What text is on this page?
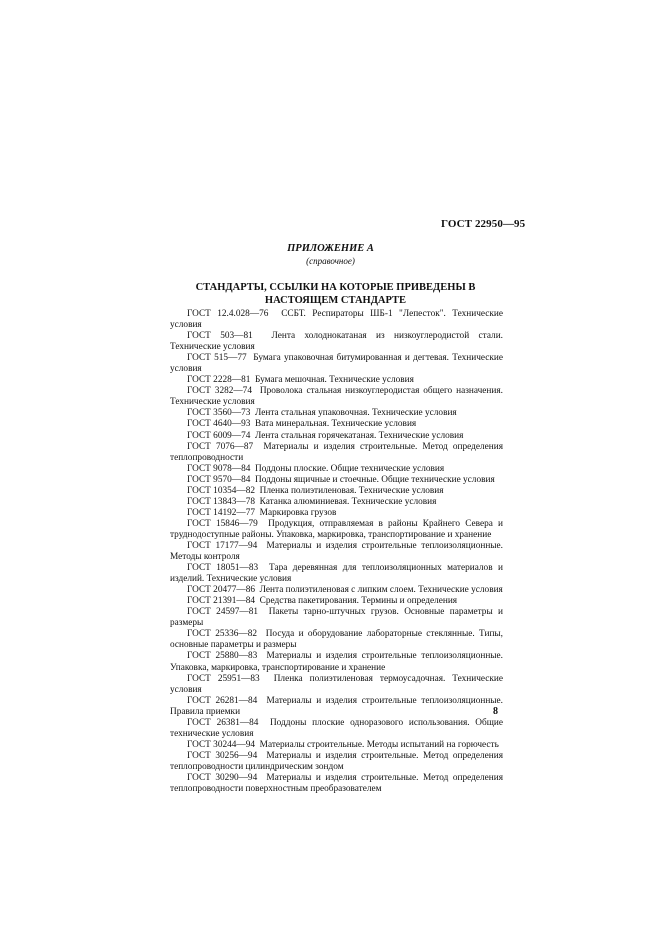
ГОСТ 22950—95
ПРИЛОЖЕНИЕ А
(справочное)
СТАНДАРТЫ, ССЫЛКИ НА КОТОРЫЕ ПРИВЕДЕНЫ В НАСТОЯЩЕМ СТАНДАРТЕ

ГОСТ 12.4.028—76 ССБТ. Респираторы ШБ-1 "Лепесток". Технические условия

ГОСТ 503—81 Лента холоднокатаная из низкоуглеродистой стали. Технические условия

ГОСТ 515—77 Бумага упаковочная битумированная и дегтевая. Технические условия

ГОСТ 2228—81 Бумага мешочная. Технические условия

ГОСТ 3282—74 Проволока стальная низкоуглеродистая общего назначения. Технические условия

ГОСТ 3560—73 Лента стальная упаковочная. Технические условия

ГОСТ 4640—93 Вата минеральная. Технические условия

ГОСТ 6009—74 Лента стальная горячекатаная. Технические условия

ГОСТ 7076—87 Материалы и изделия строительные. Метод определения теплопроводности

ГОСТ 9078—84 Поддоны плоские. Общие технические условия

ГОСТ 9570—84 Поддоны ящичные и стоечные. Общие технические условия

ГОСТ 10354—82 Пленка полиэтиленовая. Технические условия

ГОСТ 13843—78 Катанка алюминиевая. Технические условия

ГОСТ 14192—77 Маркировка грузов

ГОСТ 15846—79 Продукция, отправляемая в районы Крайнего Севера и труднодоступные районы. Упаковка, маркировка, транспортирование и хранение

ГОСТ 17177—94 Материалы и изделия строительные теплоизоляционные. Методы контроля

ГОСТ 18051—83 Тара деревянная для теплоизоляционных материалов и изделий. Технические условия

ГОСТ 20477—86 Лента полиэтиленовая с липким слоем. Технические условия

ГОСТ 21391—84 Средства пакетирования. Термины и определения

ГОСТ 24597—81 Пакеты тарно-штучных грузов. Основные параметры и размеры

ГОСТ 25336—82 Посуда и оборудование лабораторные стеклянные. Типы, основные параметры и размеры

ГОСТ 25880—83 Материалы и изделия строительные теплоизоляционные. Упаковка, маркировка, транспортирование и хранение

ГОСТ 25951—83 Пленка полиэтиленовая термоусадочная. Технические условия

ГОСТ 26281—84 Материалы и изделия строительные теплоизоляционные. Правила приемки

ГОСТ 26381—84 Поддоны плоские одноразового использования. Общие технические условия

ГОСТ 30244—94 Материалы строительные. Методы испытаний на горючесть

ГОСТ 30256—94 Материалы и изделия строительные. Метод определения теплопроводности цилиндрическим зондом

ГОСТ 30290—94 Материалы и изделия строительные. Метод определения теплопроводности поверхностным преобразователем

8
